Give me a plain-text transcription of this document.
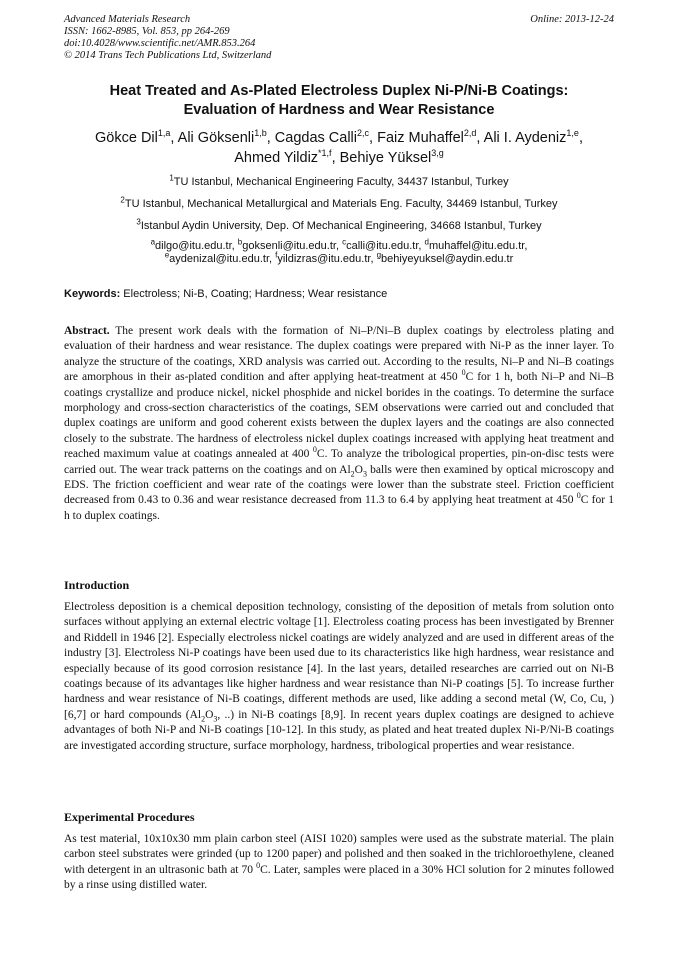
Advanced Materials Research
ISSN: 1662-8985, Vol. 853, pp 264-269
doi:10.4028/www.scientific.net/AMR.853.264
© 2014 Trans Tech Publications Ltd, Switzerland
Online: 2013-12-24
Heat Treated and As-Plated Electroless Duplex Ni-P/Ni-B Coatings:
Evaluation of Hardness and Wear Resistance
Gökce Dil$^{1,a}$, Ali Göksenli$^{1,b}$, Cagdas Calli$^{2,c}$, Faiz Muhaffel$^{2,d}$, Ali I. Aydeniz$^{1,e}$,
Ahmed Yildiz$^{*1,f}$, Behiye Yüksel$^{3,g}$

$^1$TU Istanbul, Mechanical Engineering Faculty, 34437 Istanbul, Turkey

$^2$TU Istanbul, Mechanical Metallurgical and Materials Eng. Faculty, 34469 Istanbul, Turkey

$^3$Istanbul Aydin University, Dep. Of Mechanical Engineering, 34668 Istanbul, Turkey

$^a$dilgo@itu.edu.tr, $^b$goksenli@itu.edu.tr, $^c$calli@itu.edu.tr, $^d$muhaffel@itu.edu.tr,
$^e$aydenizal@itu.edu.tr, $^f$yildizras@itu.edu.tr, $^g$behiyeyuksel@aydin.edu.tr

Keywords: Electroless; Ni-B, Coating; Hardness; Wear resistance

Abstract. The present work deals with the formation of Ni–P/Ni–B duplex coatings by electroless plating and evaluation of their hardness and wear resistance. The duplex coatings were prepared with Ni-P as the inner layer. To analyze the structure of the coatings, XRD analysis was carried out. According to the results, Ni–P and Ni–B coatings are amorphous in their as-plated condition and after applying heat-treatment at 450 $^0$C for 1 h, both Ni–P and Ni–B coatings crystallize and produce nickel, nickel phosphide and nickel borides in the coatings. To determine the surface morphology and cross-section characteristics of the coatings, SEM observations were carried out and concluded that duplex coatings are uniform and good coherent exists between the duplex layers and the coatings are also connected closely to the substrate. The hardness of electroless nickel duplex coatings increased with applying heat treatment and reached maximum value at coatings annealed at 400 $^0$C. To analyze the tribological properties, pin-on-disc tests were carried out. The wear track patterns on the coatings and on $Al_2O_3$ balls were then examined by optical microscopy and EDS. The friction coefficient and wear rate of the coatings were lower than the substrate steel. Friction coefficient decreased from 0.43 to 0.36 and wear resistance decreased from 11.3 to 6.4 by applying heat treatment at 450 $^0$C for 1 h to duplex coatings.

Introduction

Electroless deposition is a chemical deposition technology, consisting of the deposition of metals from solution onto surfaces without applying an external electric voltage [1]. Electroless coating process has been investigated by Brenner and Riddell in 1946 [2]. Especially electroless nickel coatings are widely analyzed and are used in different areas of the industry [3]. Electroless Ni-P coatings have been used due to its characteristics like high hardness, wear resistance and especially because of its good corrosion resistance [4]. In the last years, detailed researches are carried out on Ni-B coatings because of its advantages like higher hardness and wear resistance than Ni-P coatings [5]. To increase further hardness and wear resistance of Ni-B coatings, different methods are used, like adding a second metal (W, Co, Cu, ) [6,7] or hard compounds ($Al_2O_3$, ..) in Ni-B coatings [8,9]. In recent years duplex coatings are designed to achieve advantages of both Ni-P and Ni-B coatings [10-12]. In this study, as plated and heat treated duplex Ni-P/Ni-B coatings are investigated according structure, surface morphology, hardness, tribological properties and wear resistance.

Experimental Procedures

As test material, 10x10x30 mm plain carbon steel (AISI 1020) samples were used as the substrate material. The plain carbon steel substrates were grinded (up to 1200 paper) and polished and then soaked in the trichloroethylene, cleaned with detergent in an ultrasonic bath at 70 $^0$C. Later, samples were placed in a 30% HCl solution for 2 minutes followed by a rinse using distilled water.
